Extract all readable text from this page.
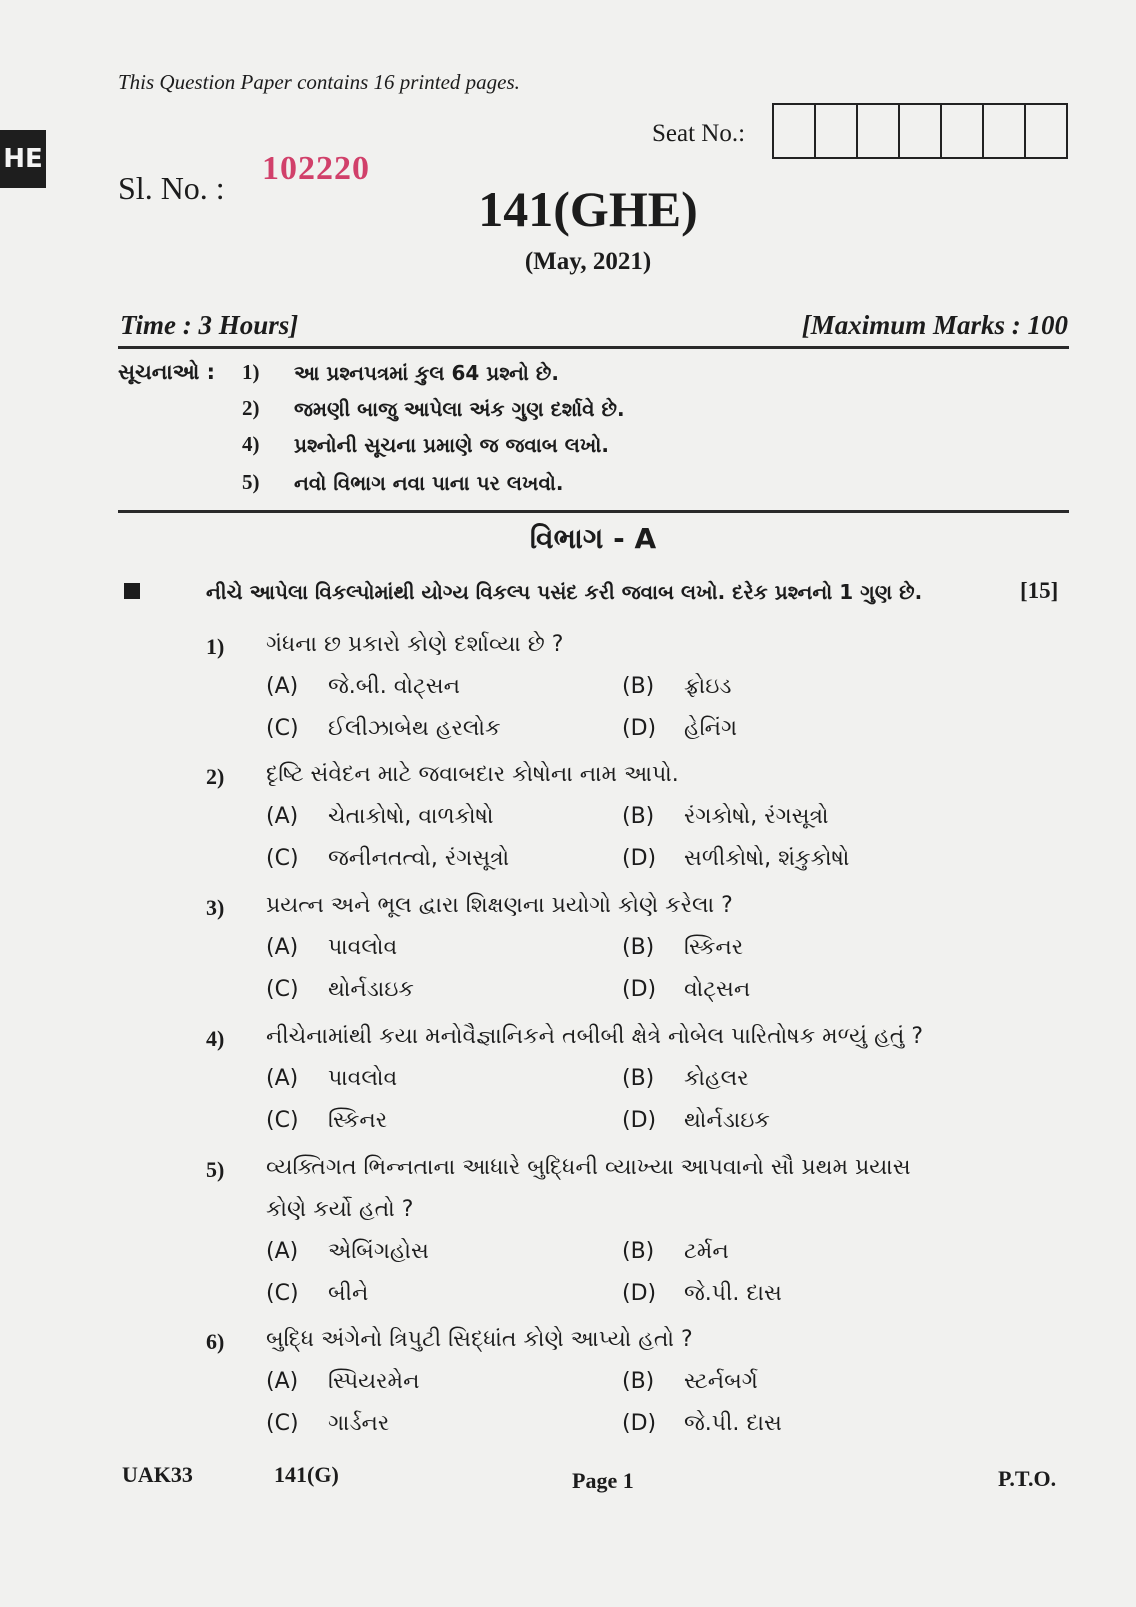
HE
This Question Paper contains 16 printed pages.
Seat No.:
Sl. No. :
102220
141(GHE)
(May, 2021)
Time : 3 Hours]	[Maximum Marks : 100
સૂચનાઓ : 1) આ પ્રશ્નપત્રમાં કુલ 64 પ્રશ્નો છે.
2) જમણી બાજુ આપેલા અંક ગુણ દર્શાવે છે.
4) પ્રશ્નોની સૂચના પ્રમાણે જ જવાબ લખો.
5) નવો વિભાગ નવા પાના પર લખવો.
વિભાગ - A
નીચે આપેલા વિકલ્પોમાંથી યોગ્ય વિકલ્પ પસંદ કરી જવાબ લખો. દરેક પ્રશ્નનો 1 ગુણ છે.	[15]
1) ગંધના છ પ્રકારો કોણે દર્શાવ્યા છે ?
(A) જે.બી. વોટ્સન	(B) ફ્રોઇડ
(C) ઈલીઝાબેથ હરલોક	(D) હેનિંગ
2) દૃષ્ટિ સંવેદન માટે જવાબદાર કોષોના નામ આપો.
(A) ચેતાકોષો, વાળકોષો	(B) રંગકોષો, રંગસૂત્રો
(C) જનીનતત્વો, રંગસૂત્રો	(D) સળીકોષો, શંકુકોષો
3) પ્રયત્ન અને ભૂલ દ્વારા શિક્ષણના પ્રયોગો કોણે કરેલા ?
(A) પાવલોવ	(B) સ્કિનર
(C) થોર્નડાઇક	(D) વોટ્સન
4) નીચેનામાંથી કયા મનોવૈજ્ઞાનિકને તબીબી ક્ષેત્રે નોબેલ પારિતોષક મળ્યું હતું ?
(A) પાવલોવ	(B) કોહલર
(C) સ્કિનર	(D) થોર્નડાઇક
5) વ્યક્તિગત ભિન્નતાના આધારે બુદ્ધિની વ્યાખ્યા આપવાનો સૌ પ્રથમ પ્રયાસ
કોણે કર્યો હતો ?
(A) એબિંગહોસ	(B) ટર્મન
(C) બીને	(D) જે.પી. દાસ
6) બુદ્ધિ અંગેનો ત્રિપુટી સિદ્ધાંત કોણે આપ્યો હતો ?
(A) સ્પિયરમેન	(B) સ્ટર્નબર્ગ
(C) ગાર્ડનર	(D) જે.પી. દાસ
UAK33	141(G)	Page 1	P.T.O.
